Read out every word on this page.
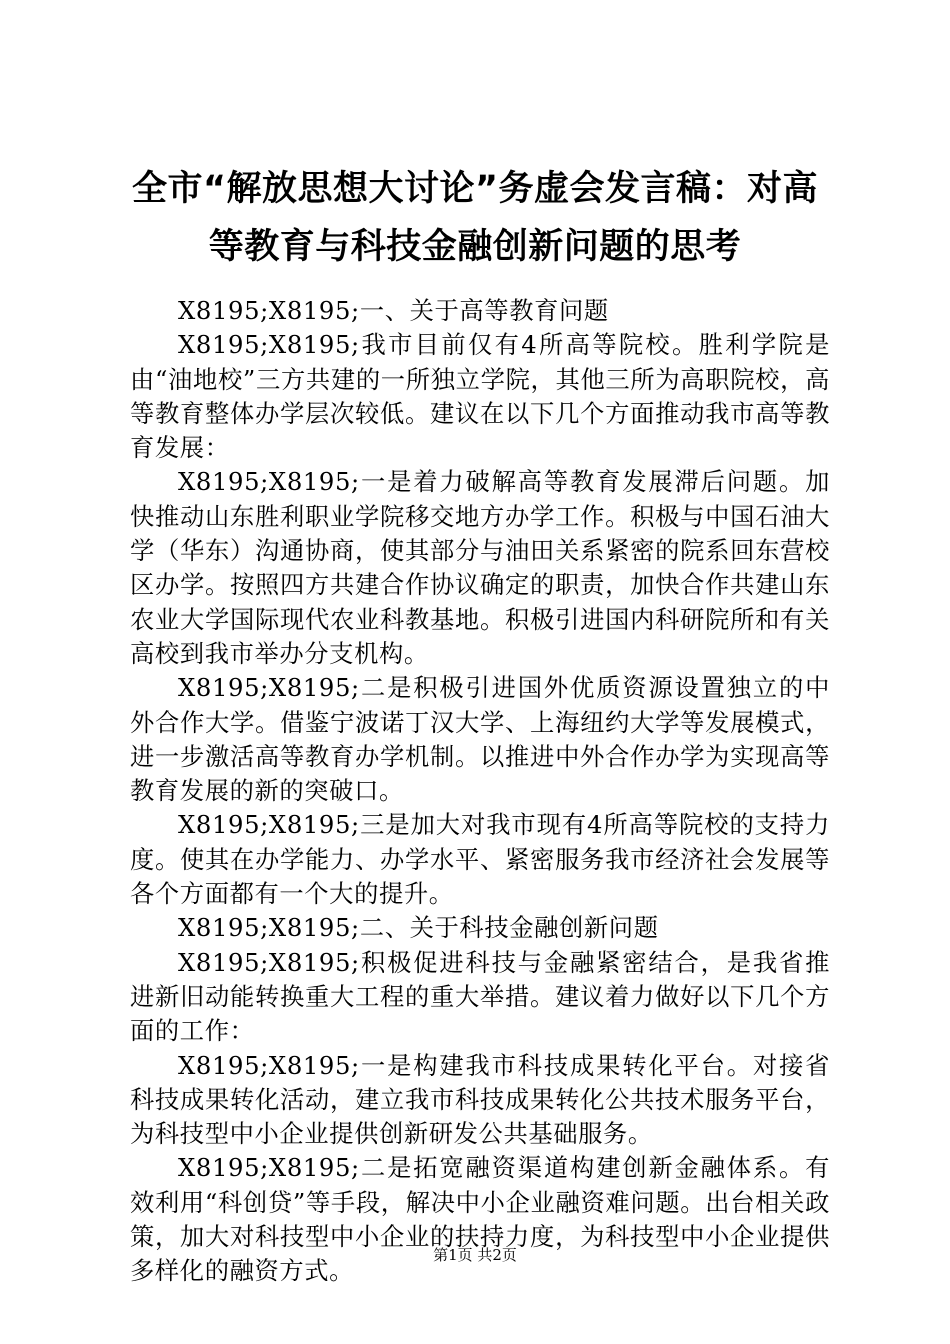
全市“解放思想大讨论”务虚会发言稿：对高
等教育与科技金融创新问题的思考

X8195;X8195;一、关于高等教育问题

X8195;X8195;我市目前仅有4所高等院校。胜利学院是由“油地校”三方共建的一所独立学院，其他三所为高职院校，高等教育整体办学层次较低。建议在以下几个方面推动我市高等教育发展：

X8195;X8195;一是着力破解高等教育发展滞后问题。加快推动山东胜利职业学院移交地方办学工作。积极与中国石油大学（华东）沟通协商，使其部分与油田关系紧密的院系回东营校区办学。按照四方共建合作协议确定的职责，加快合作共建山东农业大学国际现代农业科教基地。积极引进国内科研院所和有关高校到我市举办分支机构。

X8195;X8195;二是积极引进国外优质资源设置独立的中外合作大学。借鉴宁波诺丁汉大学、上海纽约大学等发展模式，进一步激活高等教育办学机制。以推进中外合作办学为实现高等教育发展的新的突破口。

X8195;X8195;三是加大对我市现有4所高等院校的支持力度。使其在办学能力、办学水平、紧密服务我市经济社会发展等各个方面都有一个大的提升。

X8195;X8195;二、关于科技金融创新问题

X8195;X8195;积极促进科技与金融紧密结合，是我省推进新旧动能转换重大工程的重大举措。建议着力做好以下几个方面的工作：

X8195;X8195;一是构建我市科技成果转化平台。对接省科技成果转化活动，建立我市科技成果转化公共技术服务平台，为科技型中小企业提供创新研发公共基础服务。

X8195;X8195;二是拓宽融资渠道构建创新金融体系。有效利用“科创贷”等手段，解决中小企业融资难问题。出台相关政策，加大对科技型中小企业的扶持力度，为科技型中小企业提供多样化的融资方式。

第1页 共2页
